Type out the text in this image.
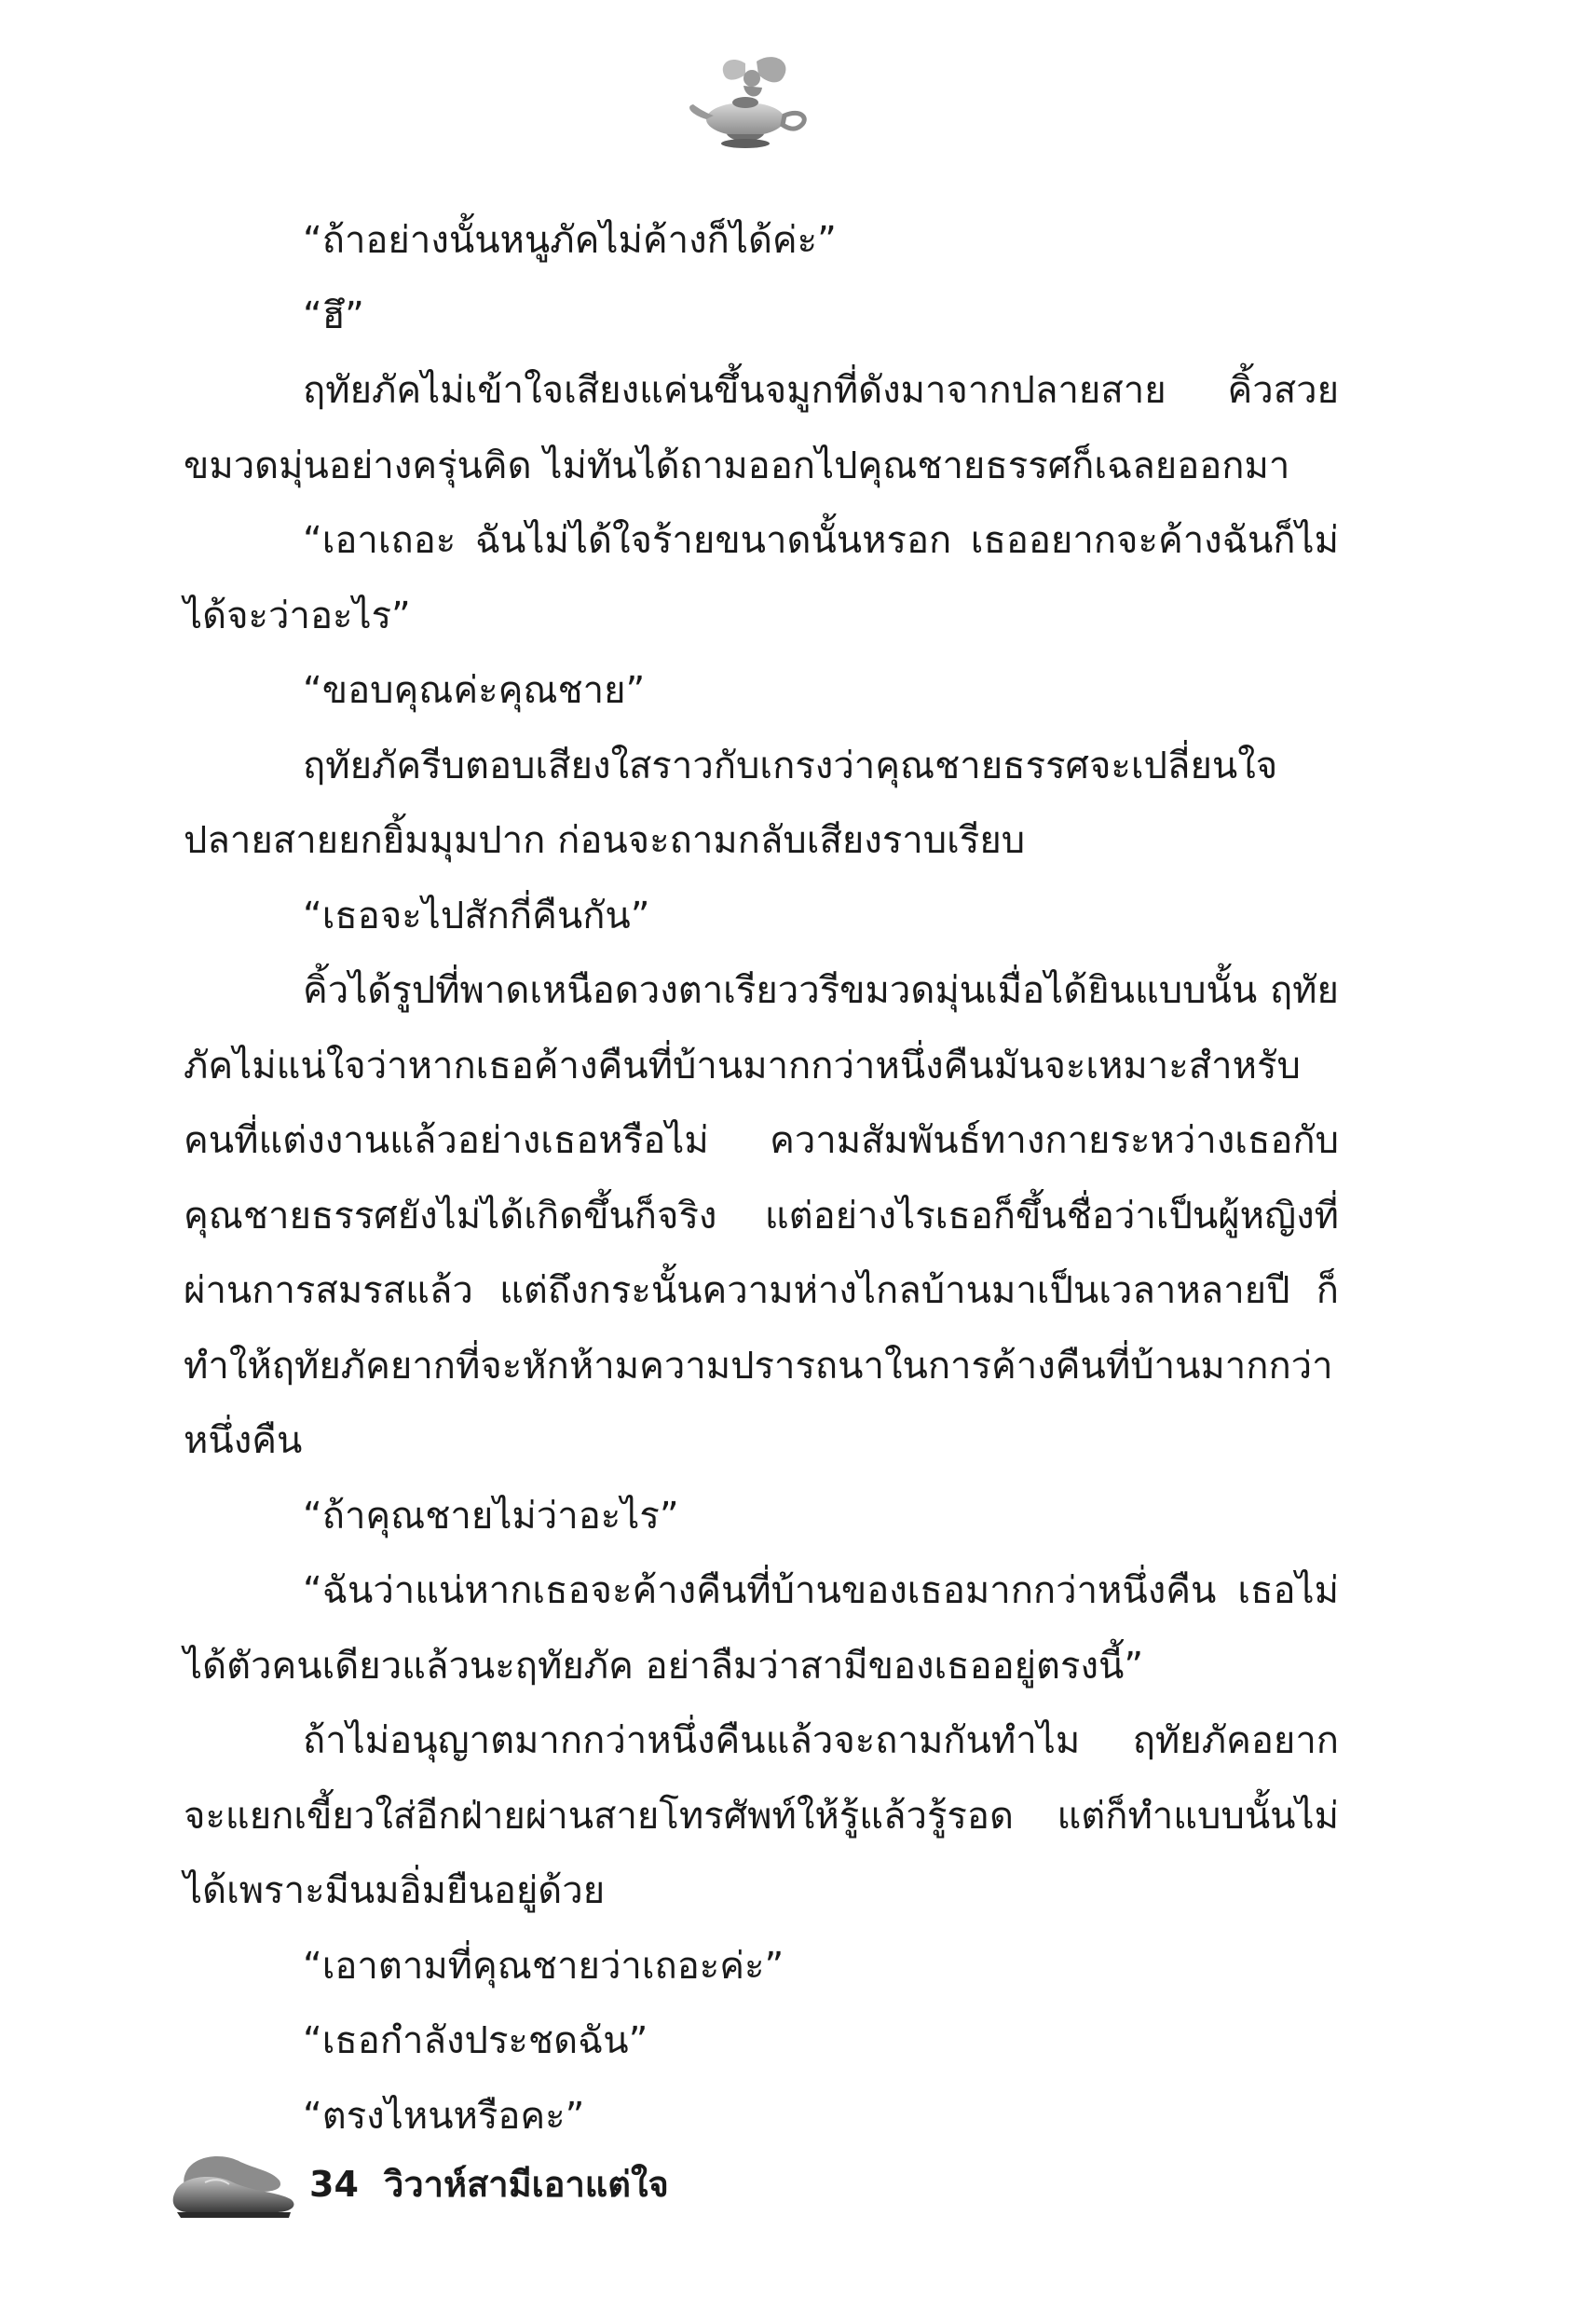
“ถ้าอย่างนั้นหนูภัคไม่ค้างก็ได้ค่ะ”

“ฮึ”

ฤทัยภัคไม่เข้าใจเสียงแค่นขึ้นจมูกที่ดังมาจากปลายสาย คิ้วสวยขมวดมุ่นอย่างครุ่นคิด ไม่ทันได้ถามออกไปคุณชายธรรศก็เฉลยออกมา

“เอาเถอะ ฉันไม่ได้ใจร้ายขนาดนั้นหรอก เธออยากจะค้างฉันก็ไม่ได้จะว่าอะไร”

“ขอบคุณค่ะคุณชาย”

ฤทัยภัครีบตอบเสียงใสราวกับเกรงว่าคุณชายธรรศจะเปลี่ยนใจ ปลายสายยกยิ้มมุมปาก ก่อนจะถามกลับเสียงราบเรียบ

“เธอจะไปสักกี่คืนกัน”

คิ้วได้รูปที่พาดเหนือดวงตาเรียววรีขมวดมุ่นเมื่อได้ยินแบบนั้น ฤทัยภัคไม่แน่ใจว่าหากเธอค้างคืนที่บ้านมากกว่าหนึ่งคืนมันจะเหมาะสำหรับคนที่แต่งงานแล้วอย่างเธอหรือไม่ ความสัมพันธ์ทางกายระหว่างเธอกับคุณชายธรรศยังไม่ได้เกิดขึ้นก็จริง แต่อย่างไรเธอก็ขึ้นชื่อว่าเป็นผู้หญิงที่ผ่านการสมรสแล้ว แต่ถึงกระนั้นความห่างไกลบ้านมาเป็นเวลาหลายปี ก็ทำให้ฤทัยภัคยากที่จะหักห้ามความปรารถนาในการค้างคืนที่บ้านมากกว่าหนึ่งคืน

“ถ้าคุณชายไม่ว่าอะไร”

“ฉันว่าแน่หากเธอจะค้างคืนที่บ้านของเธอมากกว่าหนึ่งคืน เธอไม่ได้ตัวคนเดียวแล้วนะฤทัยภัค อย่าลืมว่าสามีของเธออยู่ตรงนี้”

ถ้าไม่อนุญาตมากกว่าหนึ่งคืนแล้วจะถามกันทำไม ฤทัยภัคอยากจะแยกเขี้ยวใส่อีกฝ่ายผ่านสายโทรศัพท์ให้รู้แล้วรู้รอด แต่ก็ทำแบบนั้นไม่ได้เพราะมีนมอิ่มยืนอยู่ด้วย

“เอาตามที่คุณชายว่าเถอะค่ะ”

“เธอกำลังประชดฉัน”

“ตรงไหนหรือคะ”

34 วิวาห์สามีเอาแต่ใจ
